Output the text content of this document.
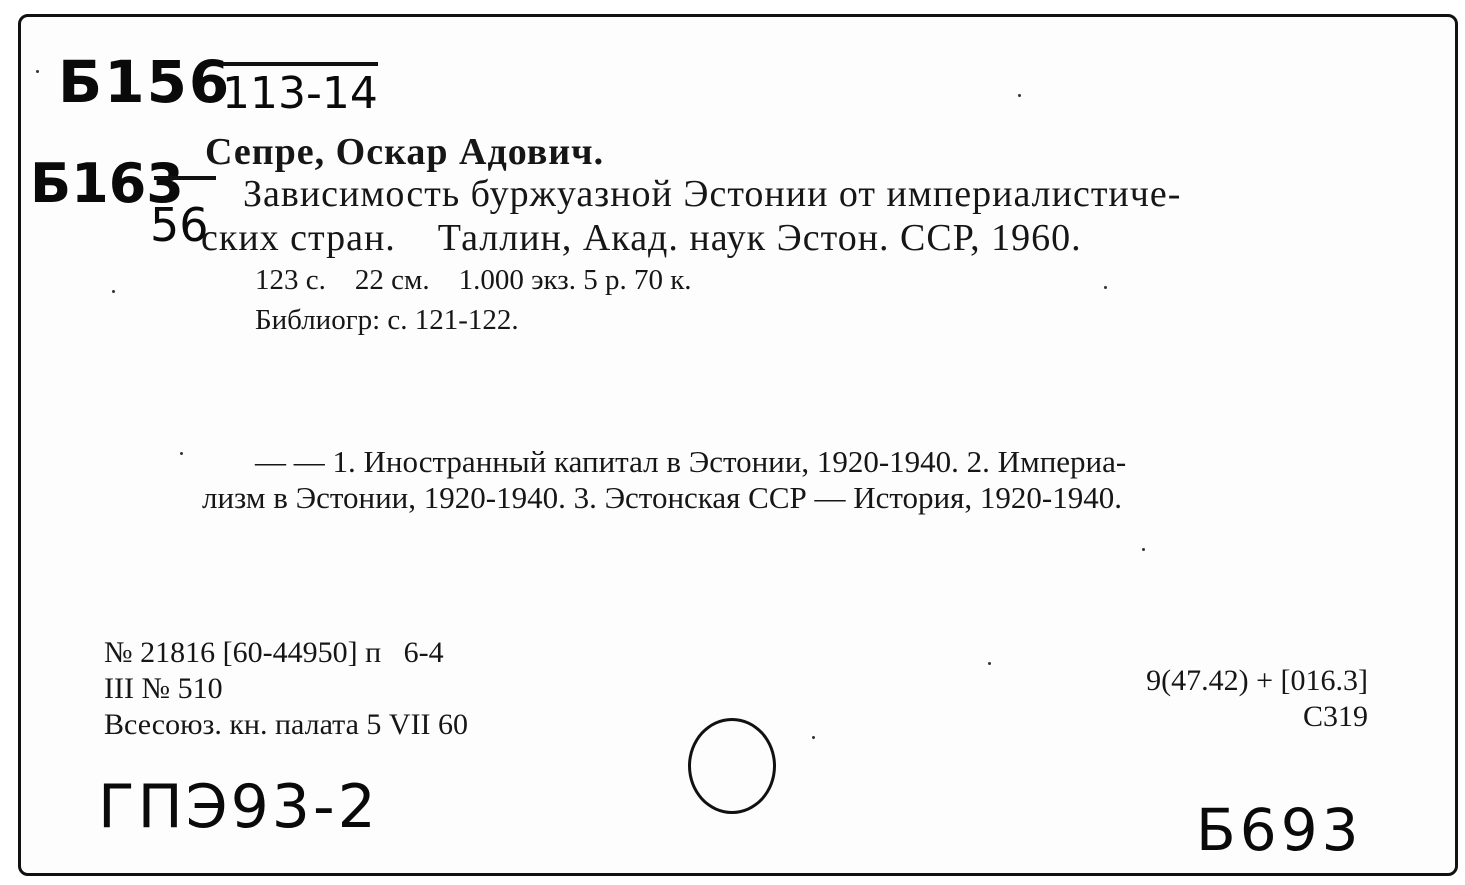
Б156
113-14
Б163
56
Сепре, Оскар Адович.
Зависимость буржуазной Эстонии от империалистиче-
ских стран.    Таллин, Акад. наук Эстон. ССР, 1960.
123 с.    22 см.    1.000 экз. 5 р. 70 к.
Библиогр: с. 121-122.
— — 1. Иностранный капитал в Эстонии, 1920-1940. 2. Империа-
лизм в Эстонии, 1920-1940. 3. Эстонская ССР — История, 1920-1940.
№ 21816 [60-44950] п   6-4
III № 510
Всесоюз. кн. палата 5 VII 60
9(47.42) + [016.3]
С319
ГПЭ93-2	Б693
